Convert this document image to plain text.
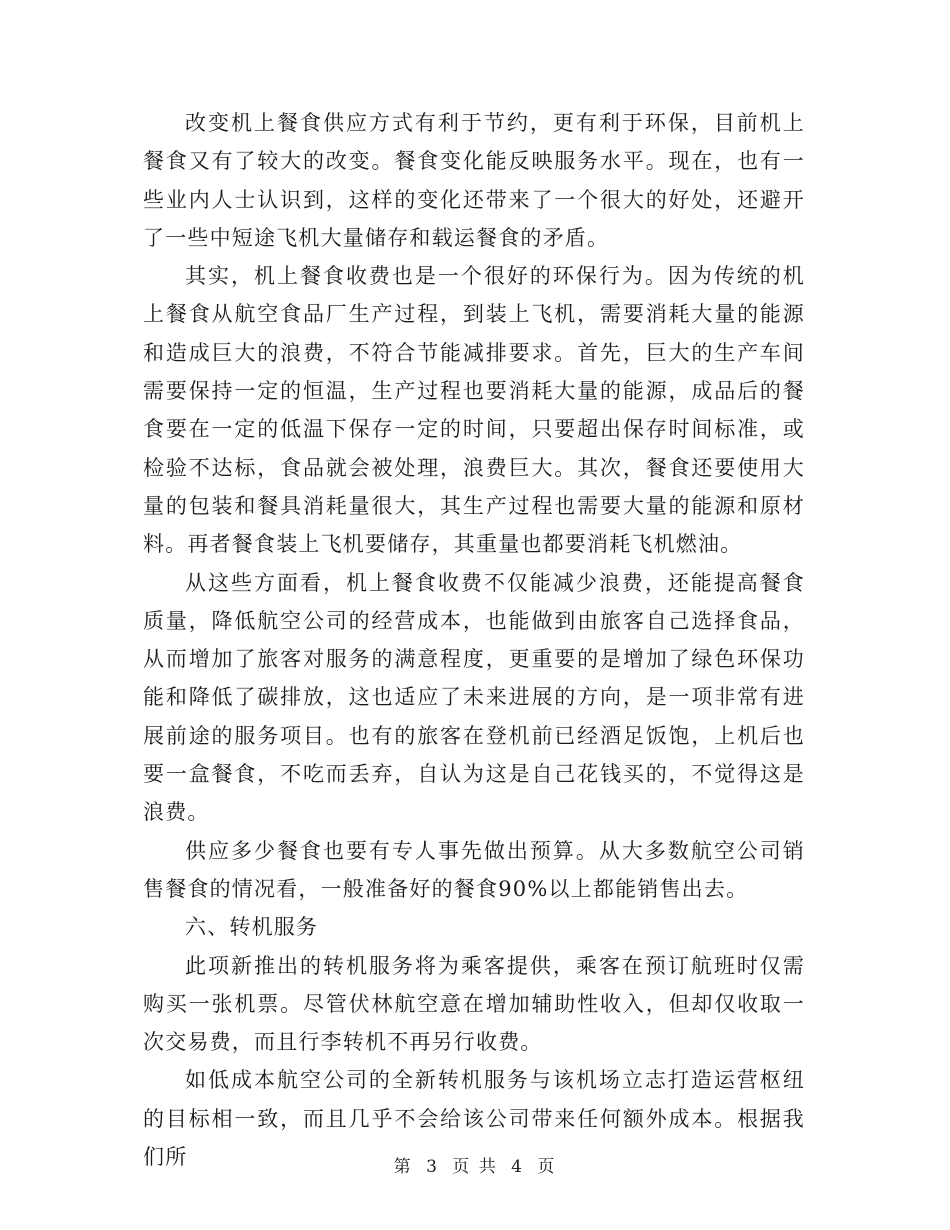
改变机上餐食供应方式有利于节约，更有利于环保，目前机上餐食又有了较大的改变。餐食变化能反映服务水平。现在，也有一些业内人士认识到，这样的变化还带来了一个很大的好处，还避开了一些中短途飞机大量储存和载运餐食的矛盾。

其实，机上餐食收费也是一个很好的环保行为。因为传统的机上餐食从航空食品厂生产过程，到装上飞机，需要消耗大量的能源和造成巨大的浪费，不符合节能减排要求。首先，巨大的生产车间需要保持一定的恒温，生产过程也要消耗大量的能源，成品后的餐食要在一定的低温下保存一定的时间，只要超出保存时间标准，或检验不达标，食品就会被处理，浪费巨大。其次，餐食还要使用大量的包装和餐具消耗量很大，其生产过程也需要大量的能源和原材料。再者餐食装上飞机要储存，其重量也都要消耗飞机燃油。

从这些方面看，机上餐食收费不仅能减少浪费，还能提高餐食质量，降低航空公司的经营成本，也能做到由旅客自己选择食品，从而增加了旅客对服务的满意程度，更重要的是增加了绿色环保功能和降低了碳排放，这也适应了未来进展的方向，是一项非常有进展前途的服务项目。也有的旅客在登机前已经酒足饭饱，上机后也要一盒餐食，不吃而丢弃，自认为这是自己花钱买的，不觉得这是浪费。

供应多少餐食也要有专人事先做出预算。从大多数航空公司销售餐食的情况看，一般准备好的餐食90%以上都能销售出去。

六、转机服务

此项新推出的转机服务将为乘客提供，乘客在预订航班时仅需购买一张机票。尽管伏林航空意在增加辅助性收入，但却仅收取一次交易费，而且行李转机不再另行收费。

如低成本航空公司的全新转机服务与该机场立志打造运营枢纽的目标相一致，而且几乎不会给该公司带来任何额外成本。根据我们所	第 3 页 共 4 页
